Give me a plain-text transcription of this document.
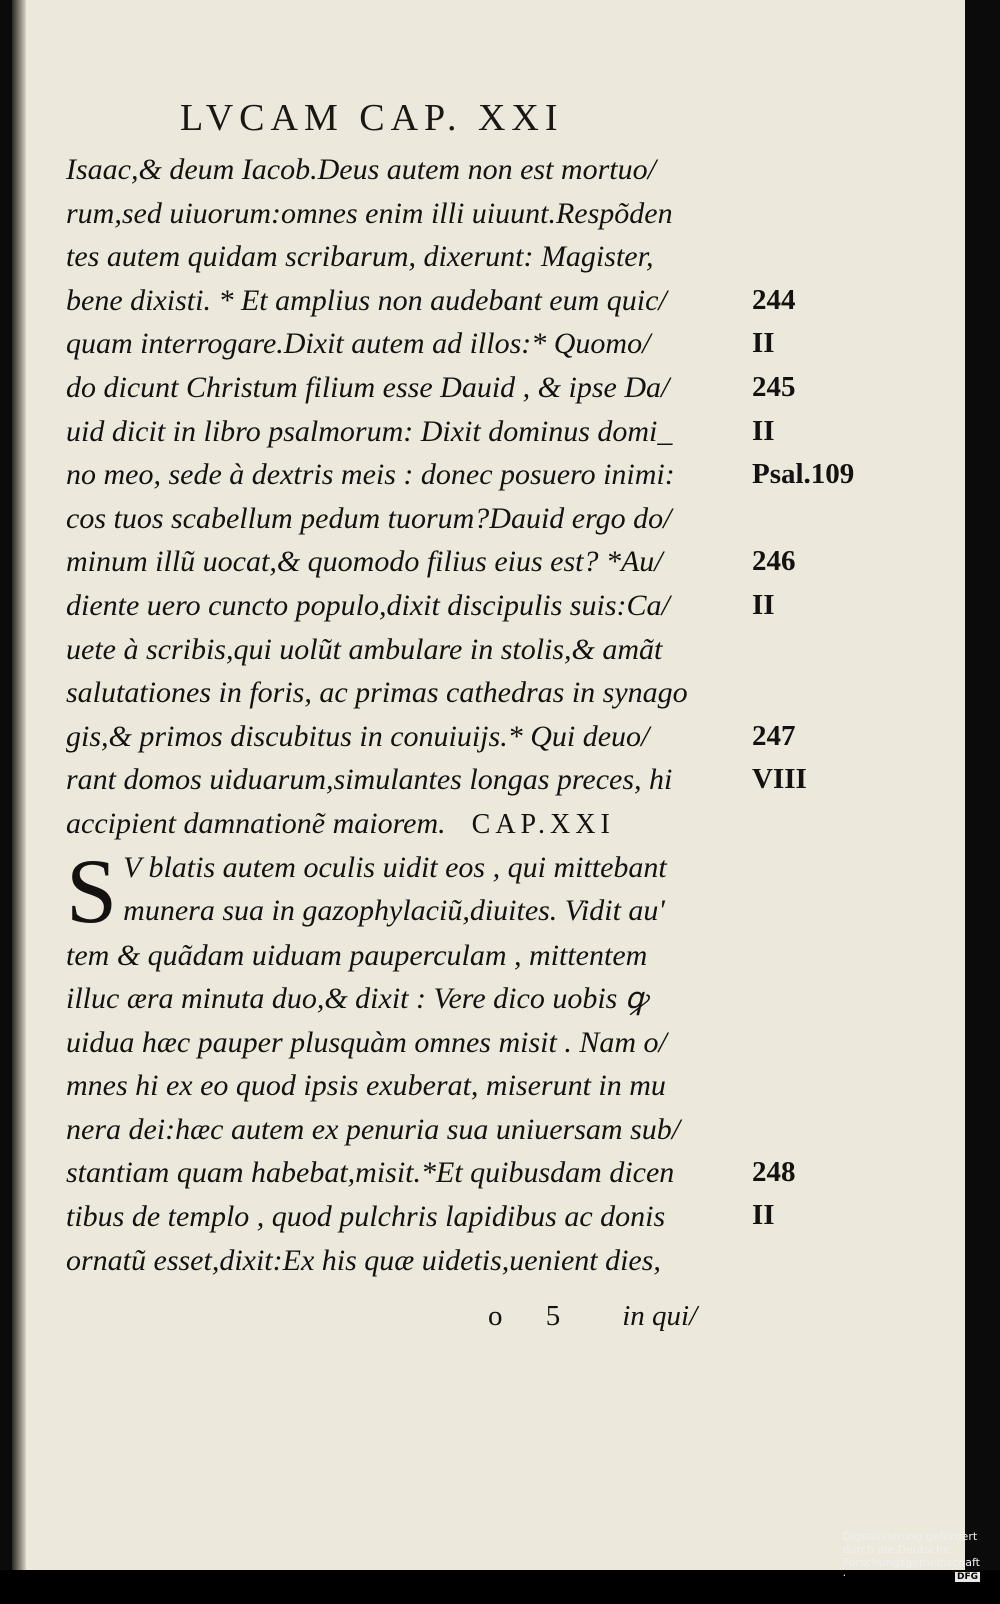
LVCAM CAP. XXI
Isaac,& deum Iacob.Deus autem non est mortuo/
rum,sed uiuorum:omnes enim illi uiuunt.Respõden
tes autem quidam scribarum, dixerunt: Magister,
bene dixisti. * Et amplius non audebant eum quic/
quam interrogare.Dixit autem ad illos:* Quomo/
do dicunt Christum filium esse Dauid , & ipse Da/
uid dicit in libro psalmorum: Dixit dominus domi_
no meo, sede à dextris meis : donec posuero inimi:
cos tuos scabellum pedum tuorum?Dauid ergo do/
minum illũ uocat,& quomodo filius eius est? *Au/
diente uero cuncto populo,dixit discipulis suis:Ca/
uete à scribis,qui uolũt ambulare in stolis,& amãt
salutationes in foris, ac primas cathedras in synago
gis,& primos discubitus in conuiuijs.* Qui deuo/
rant domos uiduarum,simulantes longas preces, hi
accipient damnationẽ maiorem. CAP.XXI
S V blatis autem oculis uidit eos , qui mittebant
munera sua in gazophylaciũ,diuites. Vidit au'
tem & quãdam uiduam pauperculam , mittentem
illuc æra minuta duo,& dixit : Vere dico uobis ꝙ
uidua hæc pauper plusquàm omnes misit . Nam o/
mnes hi ex eo quod ipsis exuberat, miserunt in mu
nera dei:hæc autem ex penuria sua uniuersam sub/
stantiam quam habebat,misit.*Et quibusdam dicen
tibus de templo , quod pulchris lapidibus ac donis
ornatũ esset,dixit:Ex his quæ uidetis,uenient dies,
244
II
245
II
Psal.109
246
II
247
VIII
248
II
o 5 in qui/
Digitalisierung gefördert durch die Deutsche Forschungsgemeinschaft ·	DFG
